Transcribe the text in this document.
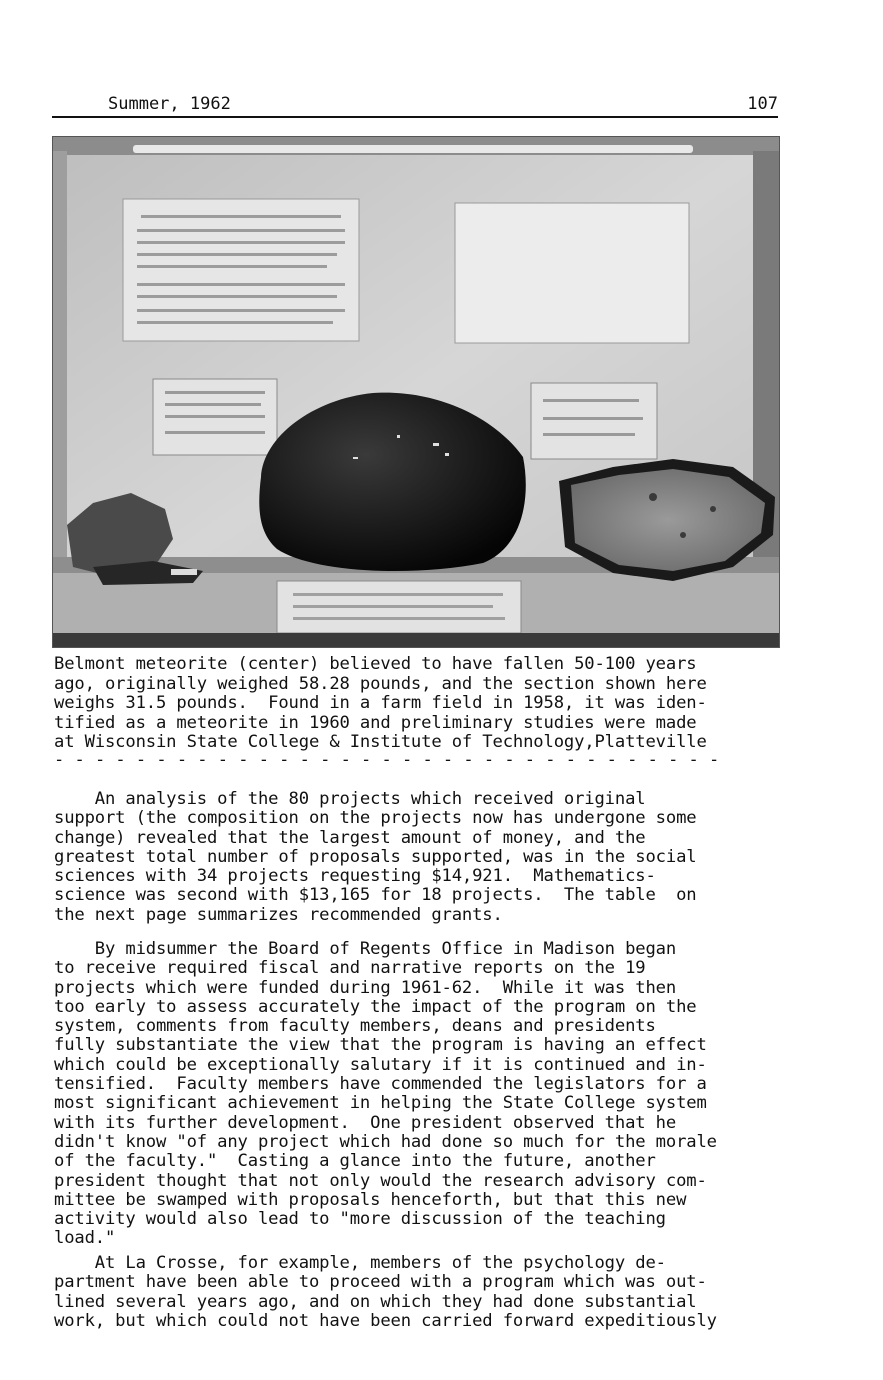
Summer, 1962	107
Belmont meteorite (center) believed to have fallen 50-100 years
ago, originally weighed 58.28 pounds, and the section shown here
weighs 31.5 pounds.  Found in a farm field in 1958, it was iden-
tified as a meteorite in 1960 and preliminary studies were made
at Wisconsin State College & Institute of Technology,Platteville
- - - - - - - - - - - - - - - - - - - - - - - - - - - - - - - - -
An analysis of the 80 projects which received original
support (the composition on the projects now has undergone some
change) revealed that the largest amount of money, and the
greatest total number of proposals supported, was in the social
sciences with 34 projects requesting $14,921.  Mathematics-
science was second with $13,165 for 18 projects.  The table  on
the next page summarizes recommended grants.
By midsummer the Board of Regents Office in Madison began
to receive required fiscal and narrative reports on the 19
projects which were funded during 1961-62.  While it was then
too early to assess accurately the impact of the program on the
system, comments from faculty members, deans and presidents
fully substantiate the view that the program is having an effect
which could be exceptionally salutary if it is continued and in-
tensified.  Faculty members have commended the legislators for a
most significant achievement in helping the State College system
with its further development.  One president observed that he
didn't know "of any project which had done so much for the morale
of the faculty."  Casting a glance into the future, another
president thought that not only would the research advisory com-
mittee be swamped with proposals henceforth, but that this new
activity would also lead to "more discussion of the teaching
load."
At La Crosse, for example, members of the psychology de-
partment have been able to proceed with a program which was out-
lined several years ago, and on which they had done substantial
work, but which could not have been carried forward expeditiously
